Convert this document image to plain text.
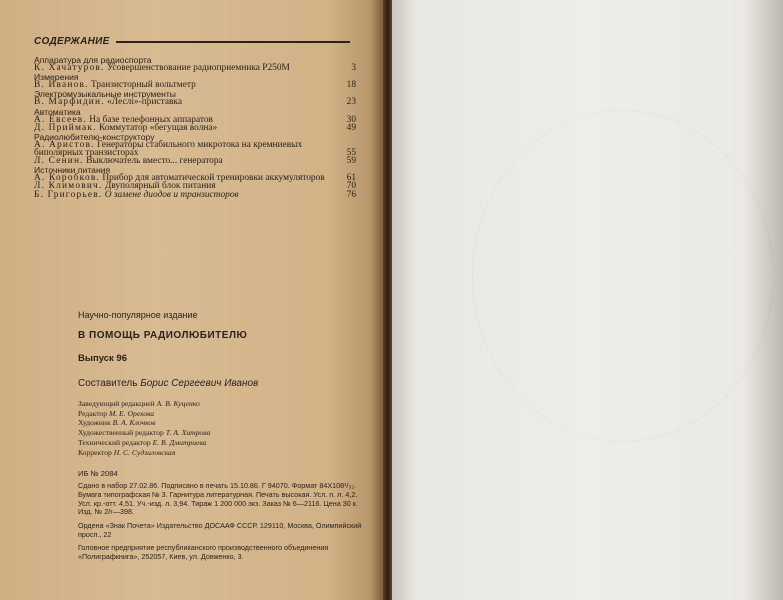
СОДЕРЖАНИЕ
Аппаратура для радиоспорта
К. Хачатуров. Усовершенствование радиоприемника Р250М	3
Измерения
В. Иванов. Транзисторный вольтметр	18
Электромузыкальные инструменты
В. Марфидин. «Леслі»-приставка	23
Автоматика
А. Евсеев. На базе телефонных аппаратов	30
Д. Приймак. Коммутатор «бегущая волна»	49
Радиолюбителю-конструктору
А. Аристов. Генераторы стабильного микротока на кремниевых биполярных транзисторах	55
Л. Сенин. Выключатель вместо... генератора	59
Источники питания
А. Коробков. Прибор для автоматической тренировки аккумуляторов	61
Л. Климович. Двуполярный блок питания	70
Б. Григорьев. О замене диодов и транзисторов	76
Научно-популярное издание
В ПОМОЩЬ РАДИОЛЮБИТЕЛЮ
Выпуск 96
Составитель Борис Сергеевич Иванов
Заведующий редакцией А. В. Куценко
Редактор М. Е. Орехова
Художник В. А. Клочков
Художественный редактор Т. А. Хитрова
Технический редактор Е. В. Дмитриева
Корректор Н. С. Судзиловская
ИБ № 2084

Сдано в набор 27.02.86. Подписано в печать 15.10.86. Г 94070. Формат 84X108¹/₃₂. Бумага типографская № 3. Гарнитура литературная. Печать высокая. Усл. п. л. 4,2. Усл. кр.-отт. 4,51. Уч.-изд. л. 3,94. Тираж 1 200 000 экз. Заказ № 6—2116. Цена 30 к. Изд. № 2/г—398.

Ордена «Знак Почета» Издательство ДОСААФ СССР. 129110, Москва, Олимпийский просп., 22

Головное предприятие республиканского производственного объединения «Полиграфкнига», 252057, Киев, ул. Довженко, 3.
